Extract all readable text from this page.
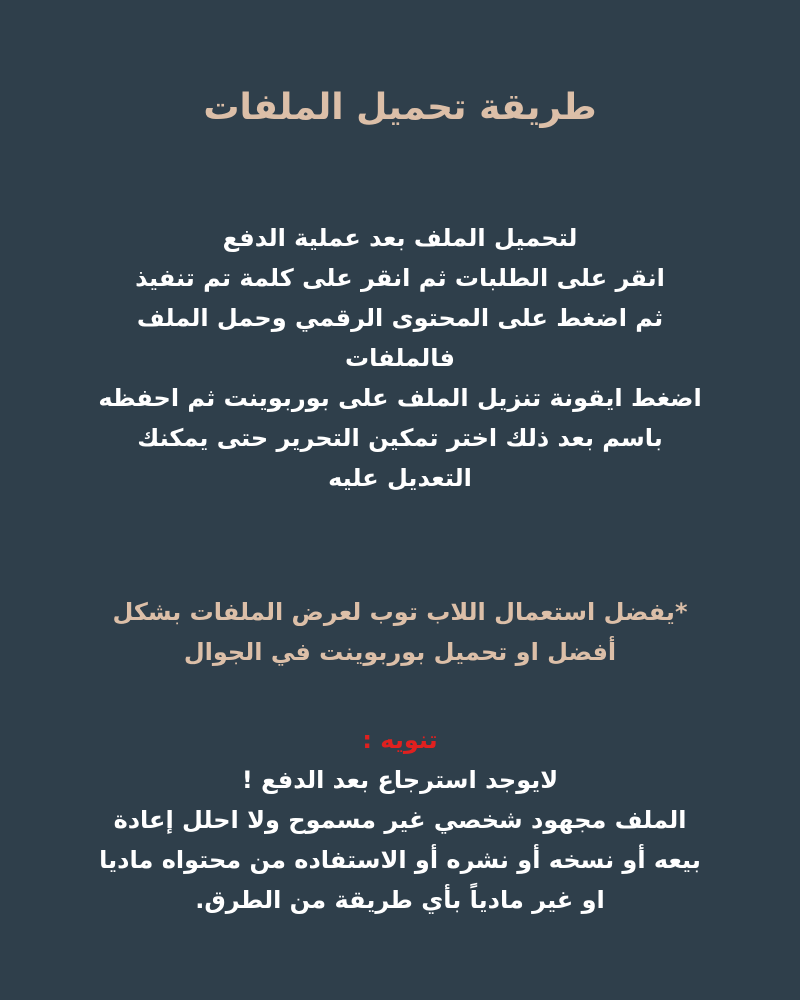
طريقة تحميل الملفات
لتحميل الملف بعد عملية الدفع
انقر على الطلبات ثم انقر على كلمة تم تنفيذ
ثم اضغط على المحتوى الرقمي وحمل الملف
فالملفات
اضغط ايقونة تنزيل الملف على بوربوينت ثم احفظه
باسم بعد ذلك اختر تمكين التحرير حتى يمكنك
التعديل عليه
*يفضل استعمال اللاب توب لعرض الملفات بشكل
أفضل او تحميل بوربوينت في الجوال
تنويه :
لايوجد استرجاع بعد الدفع !
الملف مجهود شخصي غير مسموح ولا احلل إعادة
بيعه أو نسخه أو نشره أو الاستفاده من محتواه ماديا
او غير مادياً بأي طريقة من الطرق.
